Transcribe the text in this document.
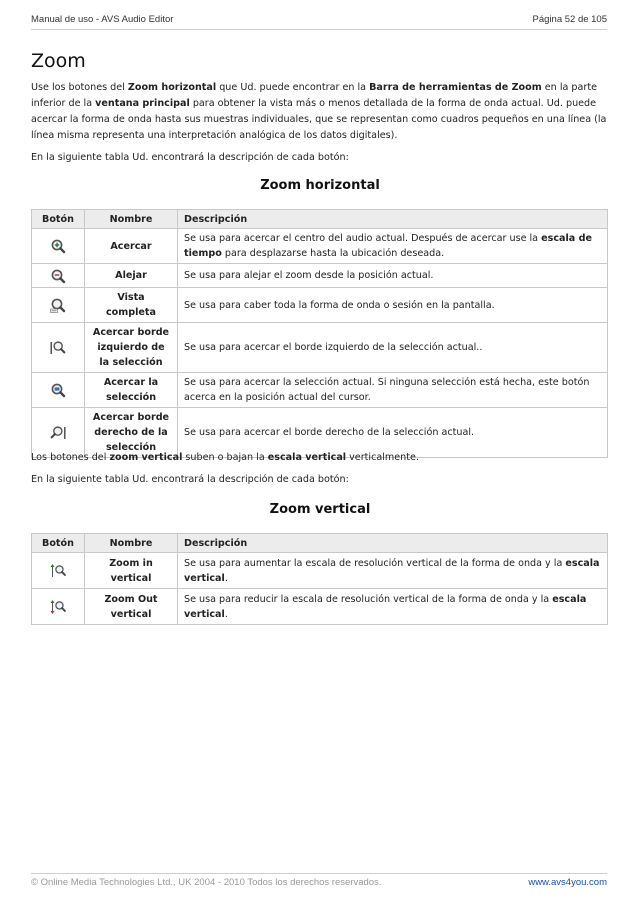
Manual de uso - AVS Audio Editor	Página 52 de 105
Zoom

Use los botones del Zoom horizontal que Ud. puede encontrar en la Barra de herramientas de Zoom en la parte inferior de la ventana principal para obtener la vista más o menos detallada de la forma de onda actual. Ud. puede acercar la forma de onda hasta sus muestras individuales, que se representan como cuadros pequeños en una línea (la línea misma representa una interpretación analógica de los datos digitales).

En la siguiente tabla Ud. encontrará la descripción de cada botón:

Zoom horizontal
Botón	Nombre	Descripción
	Acercar	Se usa para acercar el centro del audio actual. Después de acercar use la escala de tiempo para desplazarse hasta la ubicación deseada.
	Alejar	Se usa para alejar el zoom desde la posición actual.
	Vista completa	Se usa para caber toda la forma de onda o sesión en la pantalla.
	Acercar borde izquierdo de la selección	Se usa para acercar el borde izquierdo de la selección actual..
	Acercar la selección	Se usa para acercar la selección actual. Si ninguna selección está hecha, este botón acerca en la posición actual del cursor.
	Acercar borde derecho de la selección	Se usa para acercar el borde derecho de la selección actual.

Los botones del zoom vertical suben o bajan la escala vertical verticalmente.

En la siguiente tabla Ud. encontrará la descripción de cada botón:

Zoom vertical
Botón	Nombre	Descripción
	Zoom in vertical	Se usa para aumentar la escala de resolución vertical de la forma de onda y la escala vertical.
	Zoom Out vertical	Se usa para reducir la escala de resolución vertical de la forma de onda y la escala vertical.
© Online Media Technologies Ltd., UK 2004 - 2010 Todos los derechos reservados.	www.avs4you.com
